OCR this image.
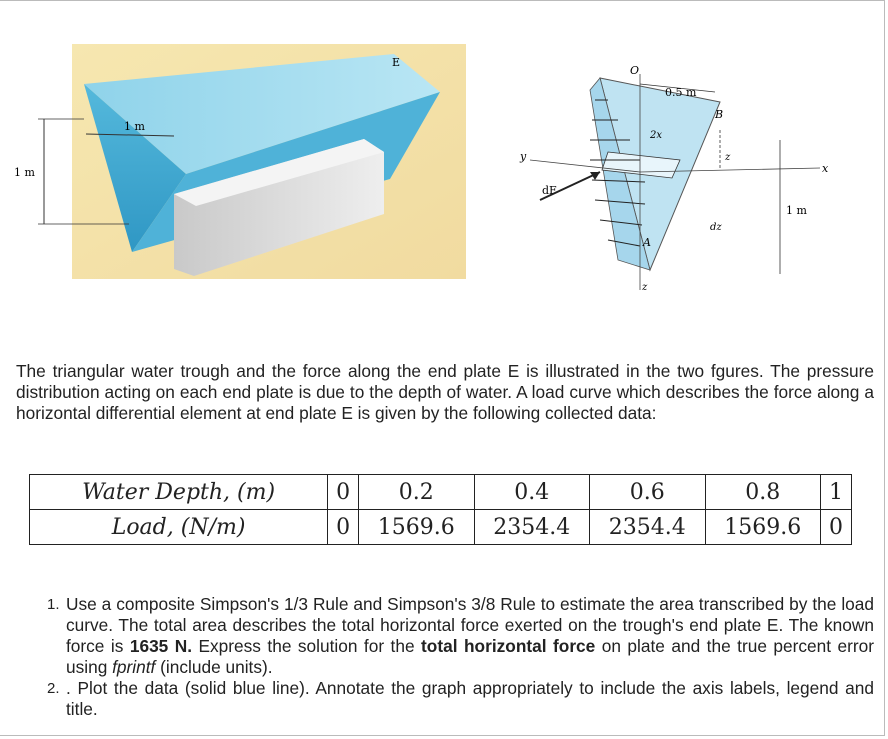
E
1 m
1 m
O
0.5 m
B
2x
y
x
z
z
dF
dz
1 m
A

The triangular water trough and the force along the end plate E is illustrated in the two fgures. The pressure distribution acting on each end plate is due to the depth of water. A load curve which describes the force along a horizontal differential element at end plate E is given by the following collected data:

Water Depth, (m)	0	0.2	0.4	0.6	0.8	1
Load, (N/m)	0	1569.6	2354.4	2354.4	1569.6	0
1. Use a composite Simpson's 1/3 Rule and Simpson's 3/8 Rule to estimate the area transcribed by the load curve. The total area describes the total horizontal force exerted on the trough's end plate E. The known force is 1635 N. Express the solution for the total horizontal force on plate and the true percent error using fprintf (include units).
2. . Plot the data (solid blue line). Annotate the graph appropriately to include the axis labels, legend and title.
